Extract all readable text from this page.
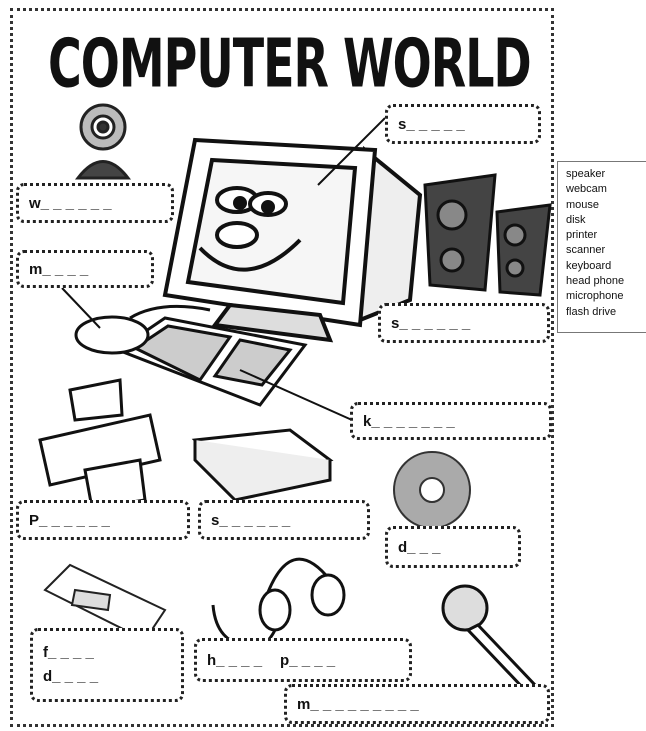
COMPUTER WORLD
s_ _ _ _ _
w_ _ _ _ _ _
m_ _ _ _
s_ _ _ _ _ _
k_ _ _ _ _ _ _
P_ _ _ _ _ _	s_ _ _ _ _ _
d_ _ _
f_ _ _ _
d_ _ _ _
h_ _ _ _ p_ _ _ _
m_ _ _ _ _ _ _ _ _
speaker
webcam
mouse
disk
printer
scanner
keyboard
head phone
microphone
flash drive
